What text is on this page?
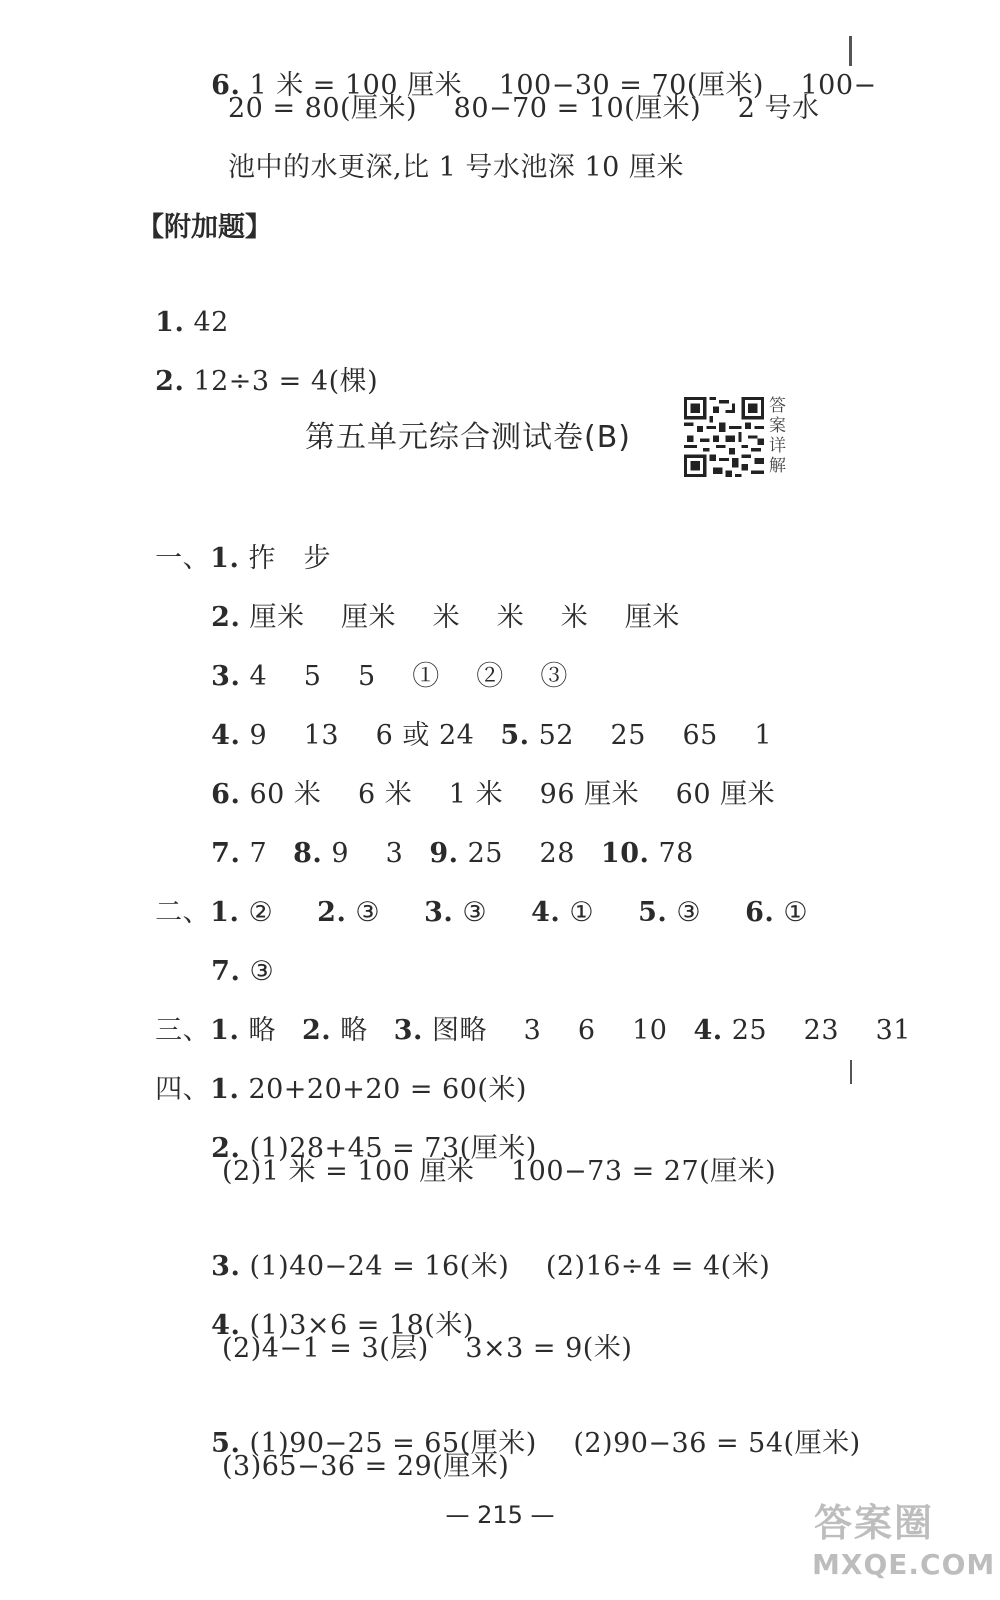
6. 1 米 = 100 厘米　 100−30 = 70(厘米)　 100−

20 = 80(厘米)　 80−70 = 10(厘米)　 2 号水
池中的水更深,比 1 号水池深 10 厘米
【附加题】

1. 42

2. 12÷3 = 4(棵)

第五单元综合测试卷(B)
答案详解

一、1. 拃　步

2. 厘米　 厘米　 米　 米　 米　 厘米

3. 4　 5　 5　 ①　 ②　 ③

4. 9　 13　 6 或 24 5. 52　 25　 65　 1

6. 60 米　 6 米　 1 米　 96 厘米　 60 厘米

7. 7 8. 9　 3 9. 25　 28 10. 78

二、1. ② 2. ③ 3. ③ 4. ① 5. ③ 6. ①

7. ③

三、1. 略 2. 略 3. 图略　 3　 6　 10 4. 25　 23　 31

四、1. 20+20+20 = 60(米)

2. (1)28+45 = 73(厘米)

(2)1 米 = 100 厘米　 100−73 = 27(厘米)

3. (1)40−24 = 16(米)　 (2)16÷4 = 4(米)

4. (1)3×6 = 18(米)

(2)4−1 = 3(层)　 3×3 = 9(米)

5. (1)90−25 = 65(厘米)　 (2)90−36 = 54(厘米)

(3)65−36 = 29(厘米)
— 215 —	答案圈
MXQE.COM
